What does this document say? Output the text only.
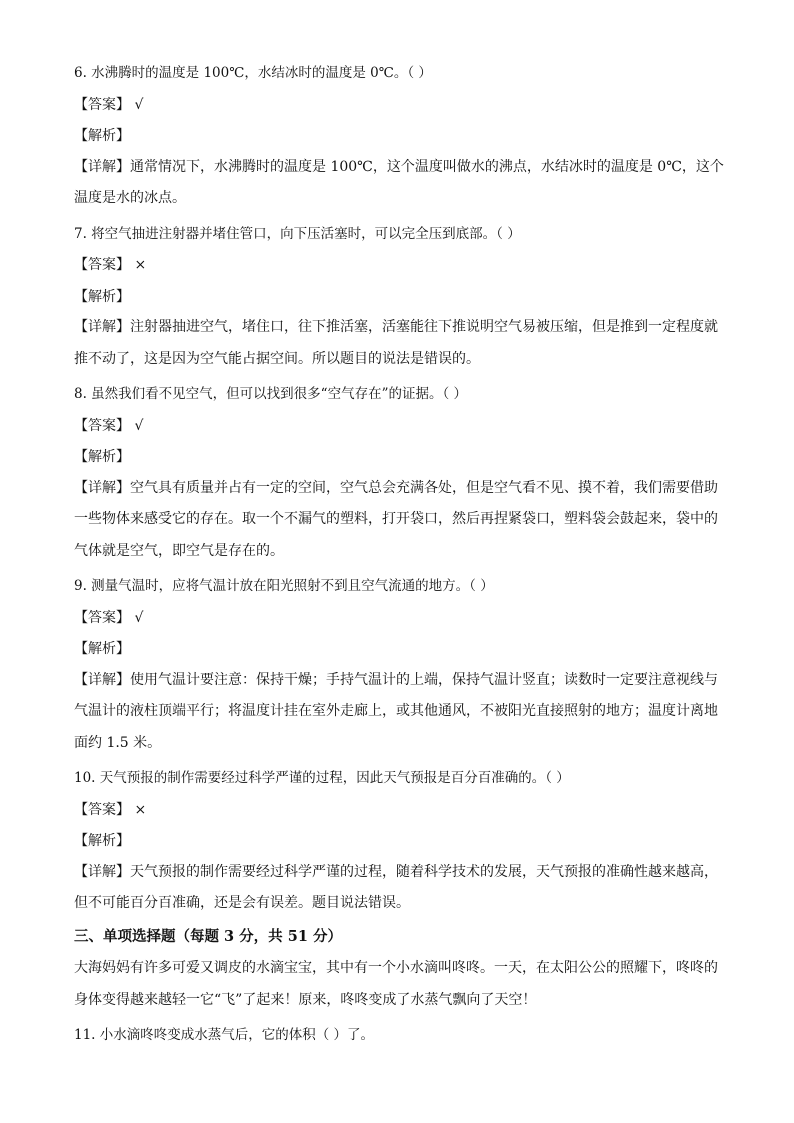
6. 水沸腾时的温度是 100℃，水结冰时的温度是 0℃。（ ）
【答案】 √
【解析】
【详解】通常情况下，水沸腾时的温度是 100℃，这个温度叫做水的沸点，水结冰时的温度是 0℃，这个温度是水的冰点。
7. 将空气抽进注射器并堵住管口，向下压活塞时，可以完全压到底部。（ ）
【答案】 ×
【解析】
【详解】注射器抽进空气，堵住口，往下推活塞，活塞能往下推说明空气易被压缩，但是推到一定程度就推不动了，这是因为空气能占据空间。所以题目的说法是错误的。
8. 虽然我们看不见空气，但可以找到很多“空气存在”的证据。（ ）
【答案】 √
【解析】
【详解】空气具有质量并占有一定的空间，空气总会充满各处，但是空气看不见、摸不着，我们需要借助一些物体来感受它的存在。取一个不漏气的塑料，打开袋口，然后再捏紧袋口，塑料袋会鼓起来，袋中的气体就是空气，即空气是存在的。
9. 测量气温时，应将气温计放在阳光照射不到且空气流通的地方。（ ）
【答案】 √
【解析】
【详解】使用气温计要注意：保持干燥；手持气温计的上端，保持气温计竖直；读数时一定要注意视线与气温计的液柱顶端平行；将温度计挂在室外走廊上，或其他通风，不被阳光直接照射的地方；温度计离地面约 1.5 米。
10. 天气预报的制作需要经过科学严谨的过程，因此天气预报是百分百准确的。（ ）
【答案】 ×
【解析】
【详解】天气预报的制作需要经过科学严谨的过程，随着科学技术的发展，天气预报的准确性越来越高，但不可能百分百准确，还是会有误差。题目说法错误。
三、单项选择题（每题 3 分，共 51 分）
大海妈妈有许多可爱又调皮的水滴宝宝，其中有一个小水滴叫咚咚。一天，在太阳公公的照耀下，咚咚的身体变得越来越轻一它“飞”了起来！原来，咚咚变成了水蒸气飘向了天空！
11. 小水滴咚咚变成水蒸气后，它的体积（ ）了。
